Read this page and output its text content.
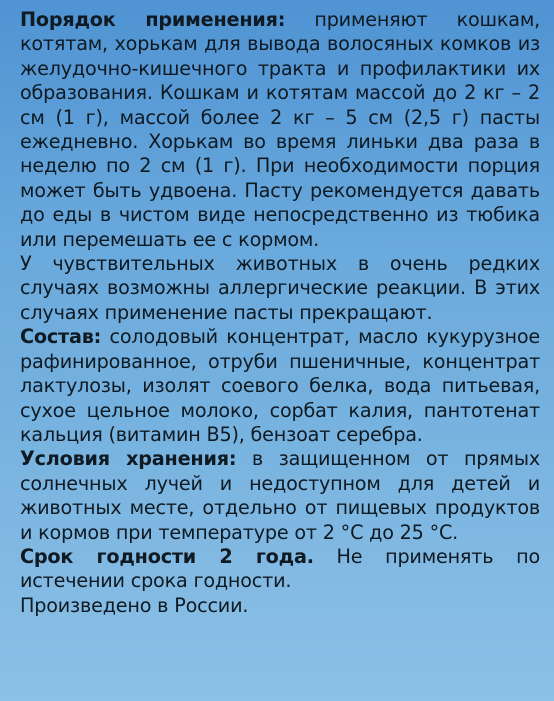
Порядок применения: применяют кошкам, котятам, хорькам для вывода волосяных комков из желудочно-кишечного тракта и профилактики их образования. Кошкам и котятам массой до 2 кг – 2 см (1 г), массой более 2 кг – 5 см (2,5 г) пасты ежедневно. Хорькам во время линьки два раза в неделю по 2 см (1 г). При необходимости порция может быть удвоена. Пасту рекомендуется давать до еды в чистом виде непосредственно из тюбика или перемешать ее с кормом.

У чувствительных животных в очень редких случаях возможны аллергические реакции. В этих случаях применение пасты прекращают.

Состав: солодовый концентрат, масло кукурузное рафинированное, отруби пшеничные, концентрат лактулозы, изолят соевого белка, вода питьевая, сухое цельное молоко, сорбат калия, пантотенат кальция (витамин B5), бензоат серебра.

Условия хранения: в защищенном от прямых солнечных лучей и недоступном для детей и животных месте, отдельно от пищевых продуктов и кормов при температуре от 2 °С до 25 °С.

Срок годности 2 года. Не применять по истечении срока годности.

Произведено в России.
